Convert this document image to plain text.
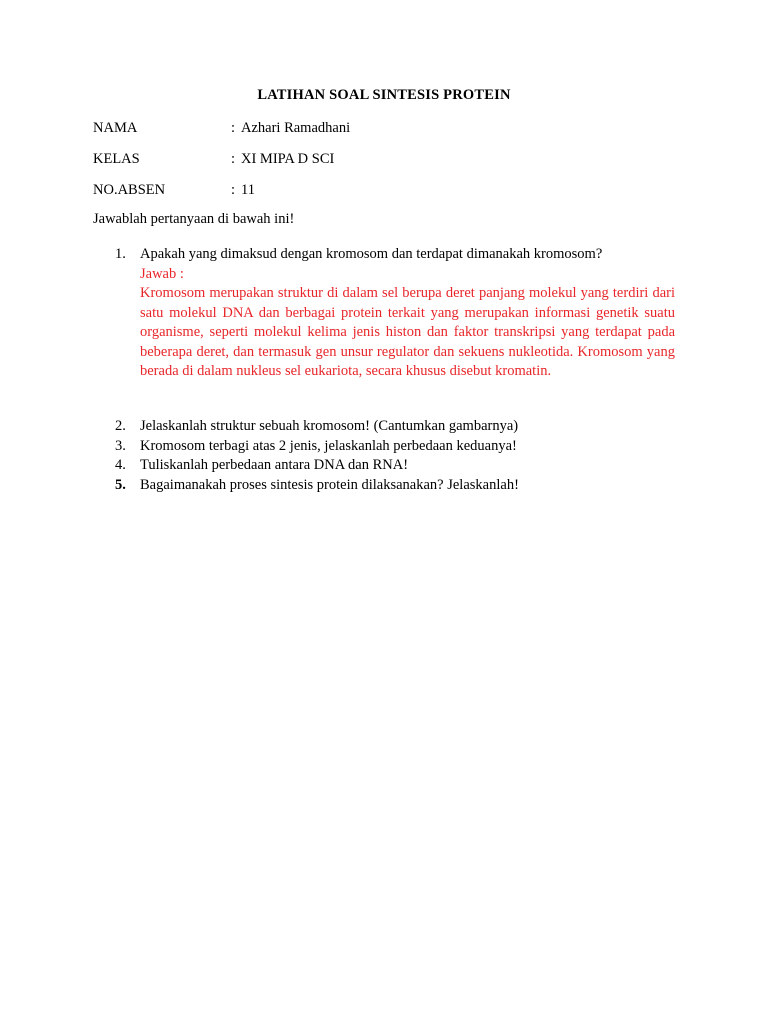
LATIHAN SOAL SINTESIS PROTEIN
NAMA	: Azhari Ramadhani
KELAS	: XI MIPA D SCI
NO.ABSEN	: 11
Jawablah pertanyaan di bawah ini!
1. Apakah yang dimaksud dengan kromosom dan terdapat dimanakah kromosom?
Jawab :
Kromosom merupakan struktur di dalam sel berupa deret panjang molekul yang terdiri dari satu molekul DNA dan berbagai protein terkait yang merupakan informasi genetik suatu organisme, seperti molekul kelima jenis histon dan faktor transkripsi yang terdapat pada beberapa deret, dan termasuk gen unsur regulator dan sekuens nukleotida. Kromosom yang berada di dalam nukleus sel eukariota, secara khusus disebut kromatin.
2. Jelaskanlah struktur sebuah kromosom! (Cantumkan gambarnya)
3. Kromosom terbagi atas 2 jenis, jelaskanlah perbedaan keduanya!
4. Tuliskanlah perbedaan antara DNA dan RNA!
5. Bagaimanakah proses sintesis protein dilaksanakan? Jelaskanlah!
